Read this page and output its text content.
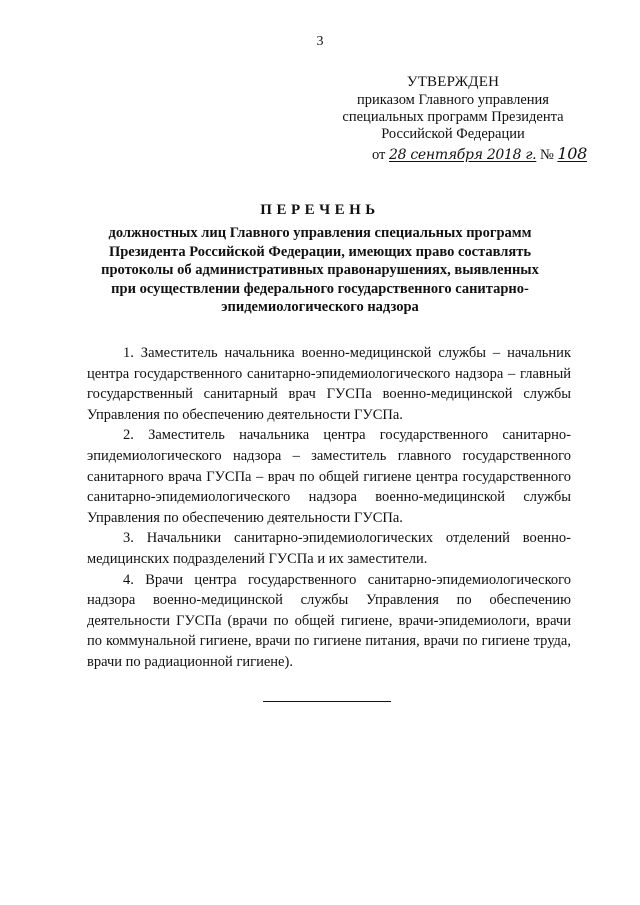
3
УТВЕРЖДЕН
приказом Главного управления
специальных программ Президента
Российской Федерации
от 28 сентября 2018 г. № 108
ПЕРЕЧЕНЬ
должностных лиц Главного управления специальных программ Президента Российской Федерации, имеющих право составлять протоколы об административных правонарушениях, выявленных при осуществлении федерального государственного санитарно-эпидемиологического надзора

1. Заместитель начальника военно-медицинской службы – начальник центра государственного санитарно-эпидемиологического надзора – главный государственный санитарный врач ГУСПа военно-медицинской службы Управления по обеспечению деятельности ГУСПа.

2. Заместитель начальника центра государственного санитарно-эпидемиологического надзора – заместитель главного государственного санитарного врача ГУСПа – врач по общей гигиене центра государственного санитарно-эпидемиологического надзора военно-медицинской службы Управления по обеспечению деятельности ГУСПа.

3. Начальники санитарно-эпидемиологических отделений военно-медицинских подразделений ГУСПа и их заместители.

4. Врачи центра государственного санитарно-эпидемиологического надзора военно-медицинской службы Управления по обеспечению деятельности ГУСПа (врачи по общей гигиене, врачи-эпидемиологи, врачи по коммунальной гигиене, врачи по гигиене питания, врачи по гигиене труда, врачи по радиационной гигиене).
